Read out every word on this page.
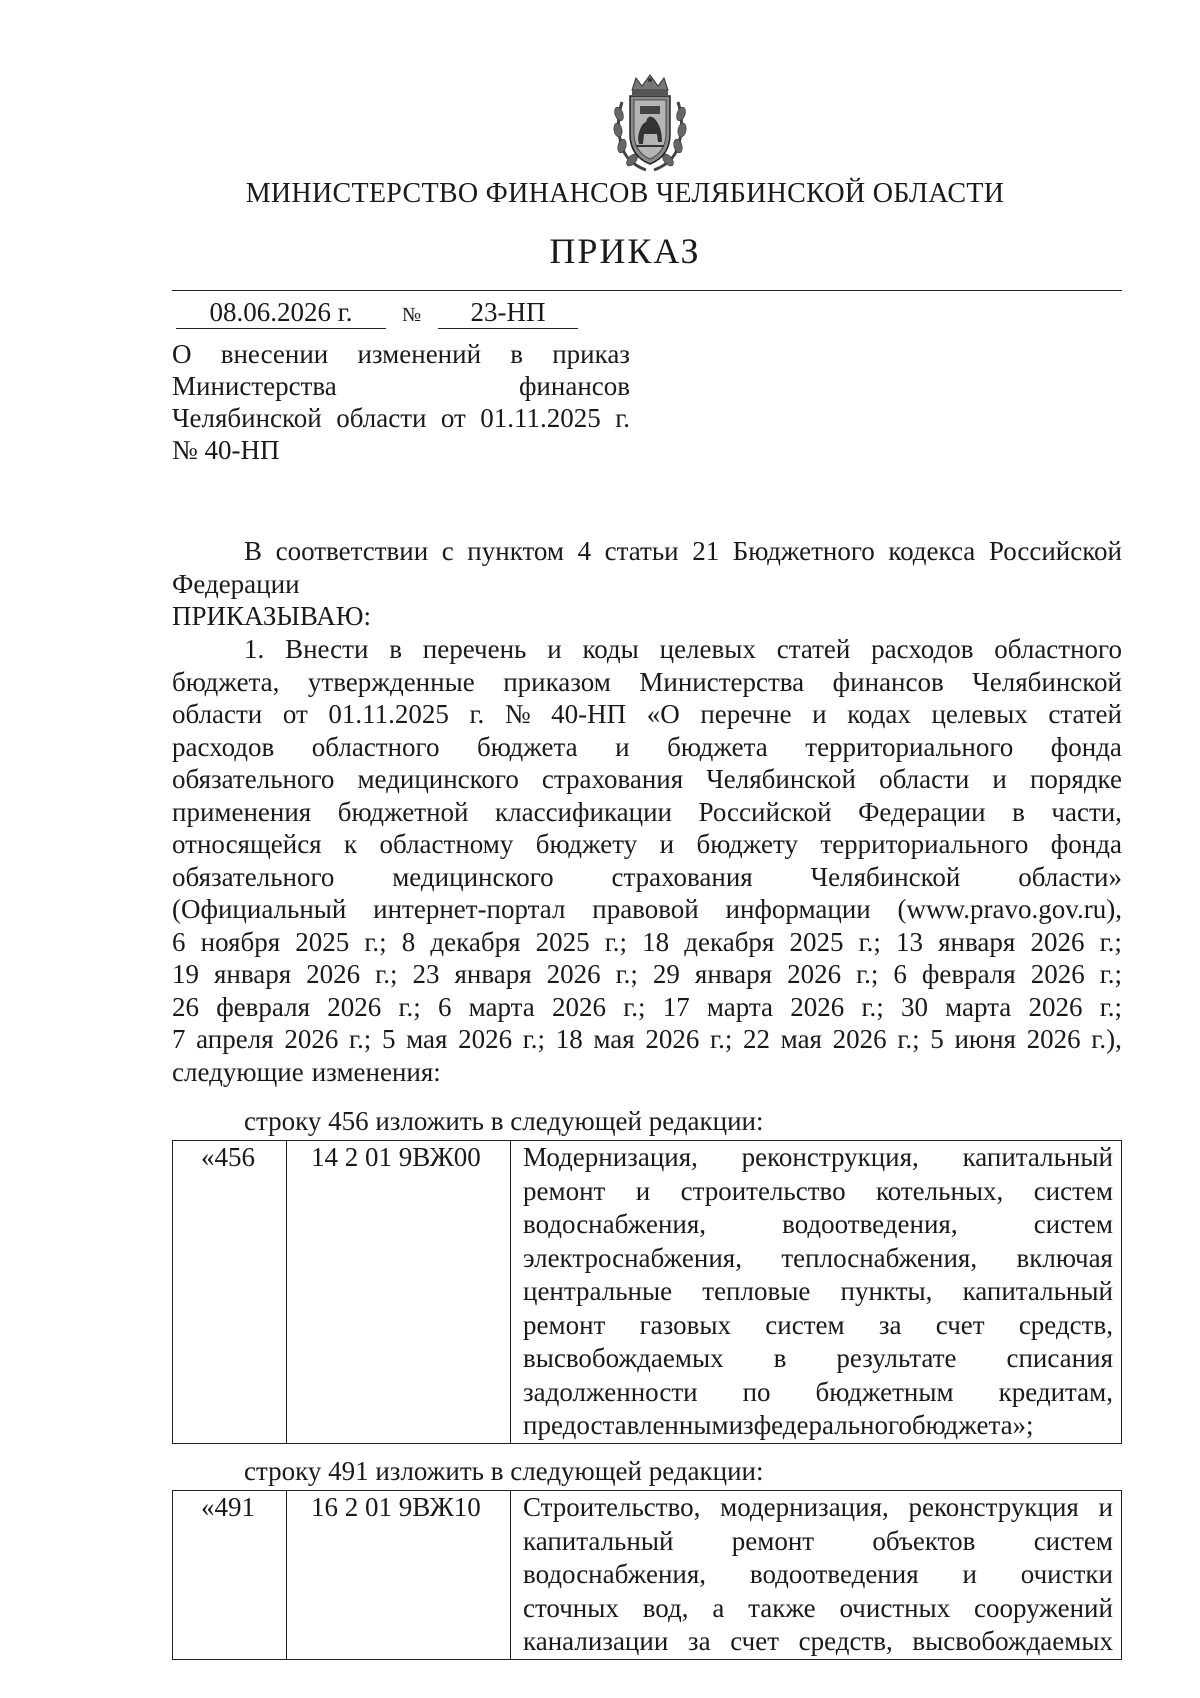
МИНИСТЕРСТВО ФИНАНСОВ ЧЕЛЯБИНСКОЙ ОБЛАСТИ
ПРИКАЗ
08.06.2026 г.	№	23-НП
О внесении изменений в приказ
Министерства	финансов
Челябинской области от 01.11.2025 г.
№ 40-НП
В соответствии с пунктом 4 статьи 21 Бюджетного кодекса Российской
Федерации
ПРИКАЗЫВАЮ:
1. Внести в перечень и коды целевых статей расходов областного
бюджета, утвержденные приказом Министерства финансов Челябинской
области от 01.11.2025 г. № 40-НП «О перечне и кодах целевых статей
расходов областного бюджета и бюджета территориального фонда
обязательного медицинского страхования Челябинской области и порядке
применения бюджетной классификации Российской Федерации в части,
относящейся к областному бюджету и бюджету территориального фонда
обязательного медицинского страхования Челябинской области»
(Официальный интернет-портал правовой информации (www.pravo.gov.ru),
6 ноября 2025 г.; 8 декабря 2025 г.; 18 декабря 2025 г.; 13 января 2026 г.;
19 января 2026 г.; 23 января 2026 г.; 29 января 2026 г.; 6 февраля 2026 г.;
26 февраля 2026 г.; 6 марта 2026 г.; 17 марта 2026 г.; 30 марта 2026 г.;
7 апреля 2026 г.; 5 мая 2026 г.; 18 мая 2026 г.; 22 мая 2026 г.; 5 июня 2026 г.),
следующие изменения:
строку 456 изложить в следующей редакции:
«456	14 2 01 9ВЖ00	Модернизация, реконструкция, капитальный
ремонт и строительство котельных, систем
водоснабжения,	водоотведения,	систем
электроснабжения, теплоснабжения, включая
центральные тепловые пункты, капитальный
ремонт газовых систем за счет средств,
высвобождаемых в результате списания
задолженности по бюджетным кредитам,
предоставленным из федерального бюджета»;
строку 491 изложить в следующей редакции:
«491	16 2 01 9ВЖ10	Строительство, модернизация, реконструкция и
капитальный ремонт объектов систем
водоснабжения, водоотведения и очистки
сточных вод, а также очистных сооружений
канализации за счет средств, высвобождаемых
